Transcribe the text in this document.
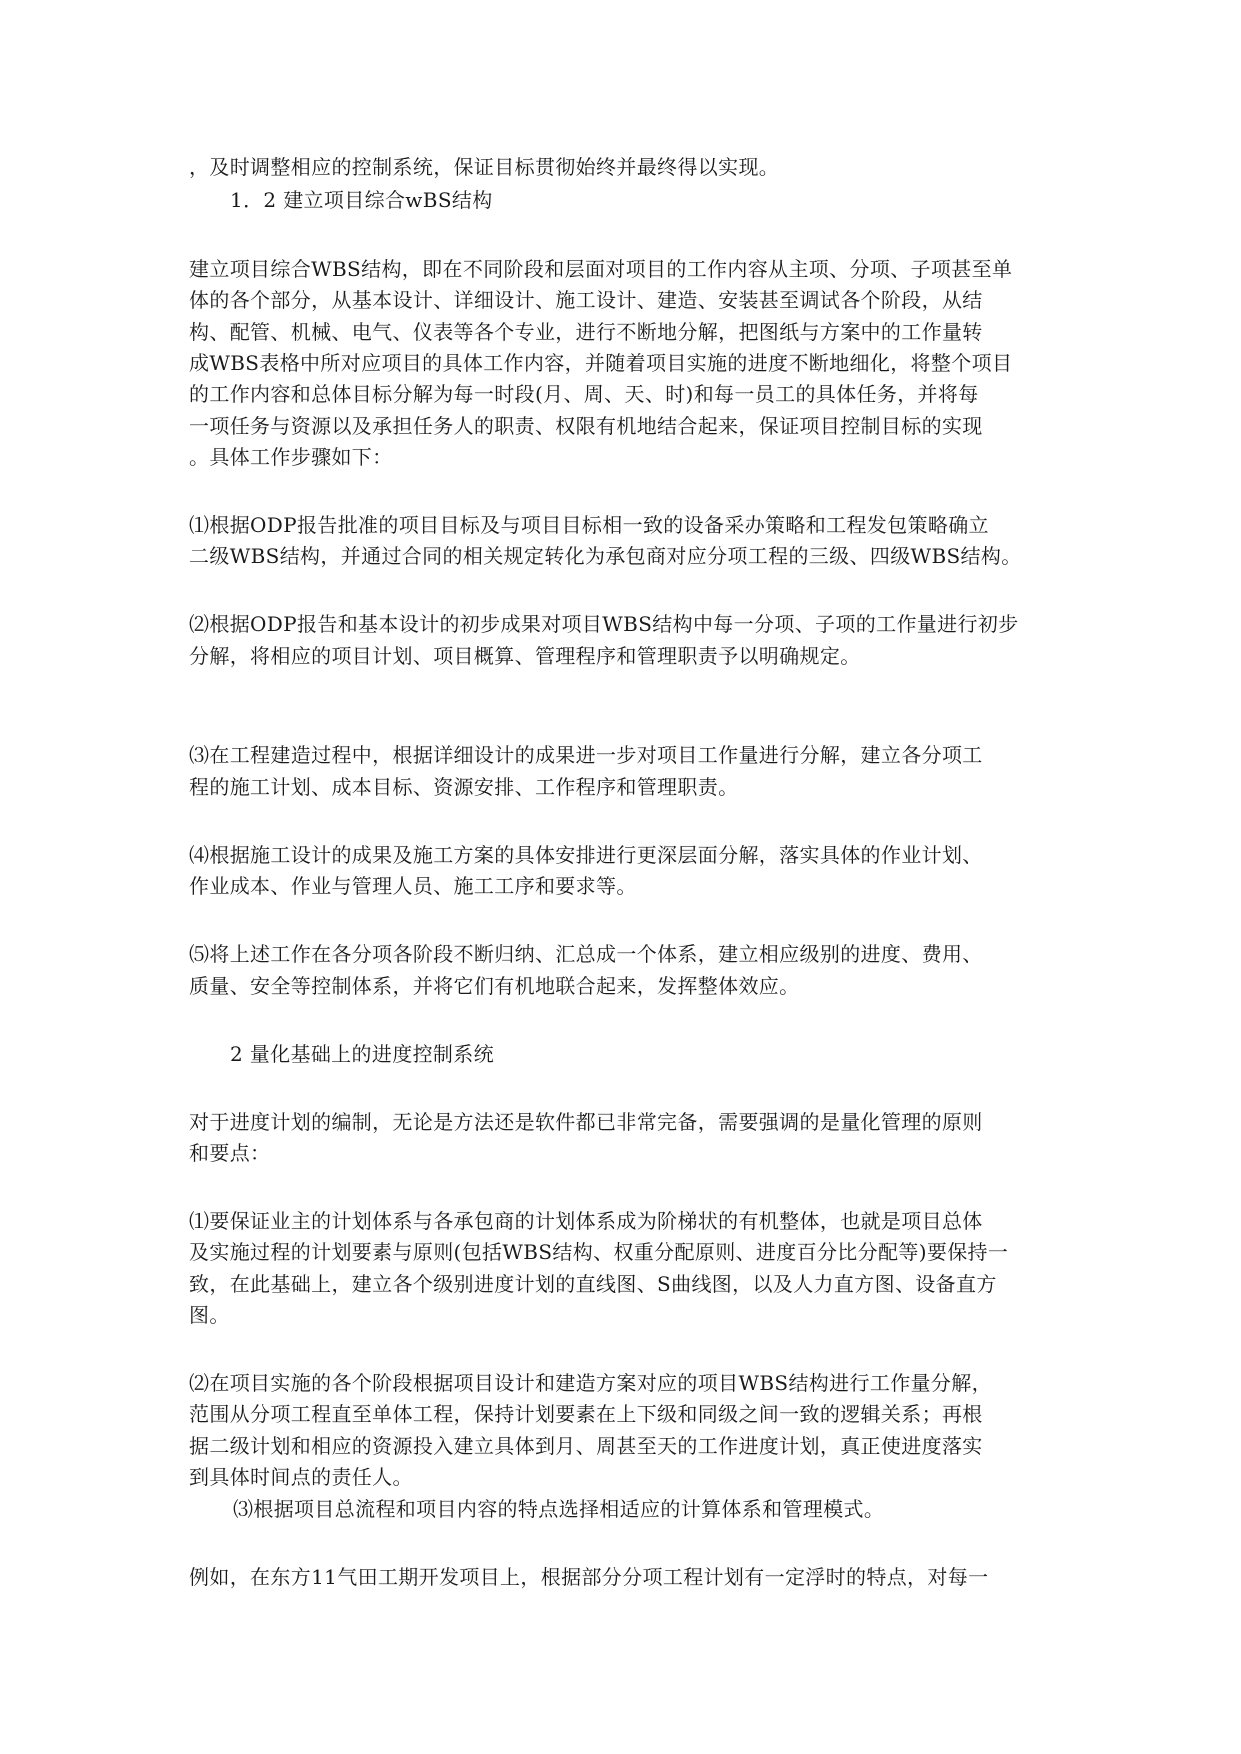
，及时调整相应的控制系统，保证目标贯彻始终并最终得以实现。
1．2 建立项目综合wBS结构
建立项目综合WBS结构，即在不同阶段和层面对项目的工作内容从主项、分项、子项甚至单
体的各个部分，从基本设计、详细设计、施工设计、建造、安装甚至调试各个阶段，从结
构、配管、机械、电气、仪表等各个专业，进行不断地分解，把图纸与方案中的工作量转
成WBS表格中所对应项目的具体工作内容，并随着项目实施的进度不断地细化，将整个项目
的工作内容和总体目标分解为每一时段(月、周、天、时)和每一员工的具体任务，并将每
一项任务与资源以及承担任务人的职责、权限有机地结合起来，保证项目控制目标的实现
。具体工作步骤如下：
⑴根据ODP报告批准的项目目标及与项目目标相一致的设备采办策略和工程发包策略确立
二级WBS结构，并通过合同的相关规定转化为承包商对应分项工程的三级、四级WBS结构。
⑵根据ODP报告和基本设计的初步成果对项目WBS结构中每一分项、子项的工作量进行初步
分解，将相应的项目计划、项目概算、管理程序和管理职责予以明确规定。
⑶在工程建造过程中，根据详细设计的成果进一步对项目工作量进行分解，建立各分项工
程的施工计划、成本目标、资源安排、工作程序和管理职责。
⑷根据施工设计的成果及施工方案的具体安排进行更深层面分解，落实具体的作业计划、
作业成本、作业与管理人员、施工工序和要求等。
⑸将上述工作在各分项各阶段不断归纳、汇总成一个体系，建立相应级别的进度、费用、
质量、安全等控制体系，并将它们有机地联合起来，发挥整体效应。
2 量化基础上的进度控制系统
对于进度计划的编制，无论是方法还是软件都已非常完备，需要强调的是量化管理的原则
和要点：
⑴要保证业主的计划体系与各承包商的计划体系成为阶梯状的有机整体，也就是项目总体
及实施过程的计划要素与原则(包括WBS结构、权重分配原则、进度百分比分配等)要保持一
致，在此基础上，建立各个级别进度计划的直线图、S曲线图，以及人力直方图、设备直方
图。
⑵在项目实施的各个阶段根据项目设计和建造方案对应的项目WBS结构进行工作量分解，
范围从分项工程直至单体工程，保持计划要素在上下级和同级之间一致的逻辑关系；再根
据二级计划和相应的资源投入建立具体到月、周甚至天的工作进度计划，真正使进度落实
到具体时间点的责任人。
⑶根据项目总流程和项目内容的特点选择相适应的计算体系和管理模式。
例如，在东方11气田工期开发项目上，根据部分分项工程计划有一定浮时的特点，对每一
